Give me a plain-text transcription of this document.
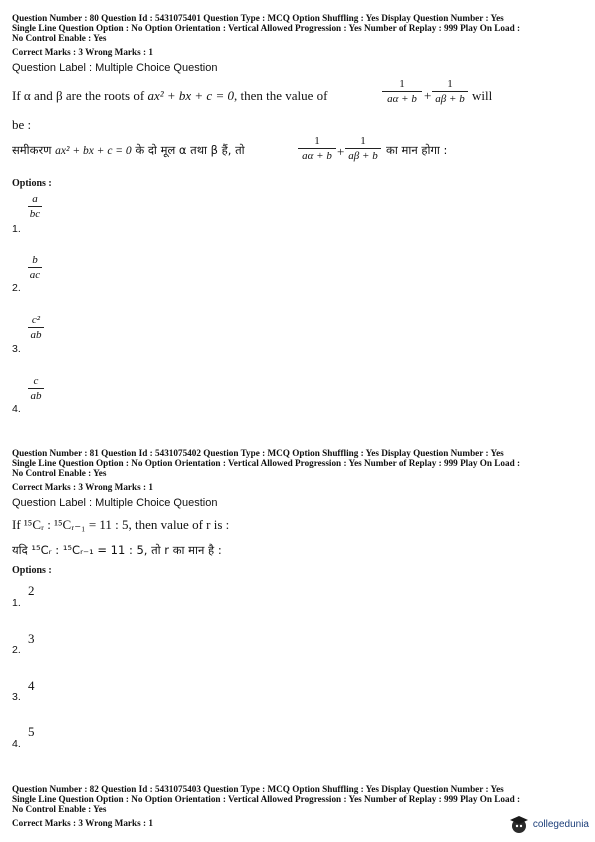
Question Number : 80 Question Id : 5431075401 Question Type : MCQ Option Shuffling : Yes Display Question Number : Yes
Single Line Question Option : No Option Orientation : Vertical Allowed Progression : Yes Number of Replay : 999 Play On Load :
No Control Enable : Yes
Correct Marks : 3 Wrong Marks : 1
Question Label : Multiple Choice Question
If α and β are the roots of ax² + bx + c = 0, then the value of
1
aα + b +
1
aβ + b will
be :
समीकरण ax² + bx + c = 0 के दो मूल α तथा β हैं, तो
1
aα + b +
1
aβ + b का मान होगा :
Options :
a
bc
1.
b
ac
2.
c²
ab
3.
c
ab
4.
Question Number : 81 Question Id : 5431075402 Question Type : MCQ Option Shuffling : Yes Display Question Number : Yes
Single Line Question Option : No Option Orientation : Vertical Allowed Progression : Yes Number of Replay : 999 Play On Load :
No Control Enable : Yes
Correct Marks : 3 Wrong Marks : 1
Question Label : Multiple Choice Question
If ¹⁵Cᵣ : ¹⁵Cᵣ₋₁ = 11 : 5, then value of r is :
यदि ¹⁵Cᵣ : ¹⁵Cᵣ₋₁ = 11 : 5, तो r का मान है :
Options :
2
1.
3
2.
4
3.
5
4.
Question Number : 82 Question Id : 5431075403 Question Type : MCQ Option Shuffling : Yes Display Question Number : Yes
Single Line Question Option : No Option Orientation : Vertical Allowed Progression : Yes Number of Replay : 999 Play On Load :
No Control Enable : Yes
Correct Marks : 3 Wrong Marks : 1	collegedunia
